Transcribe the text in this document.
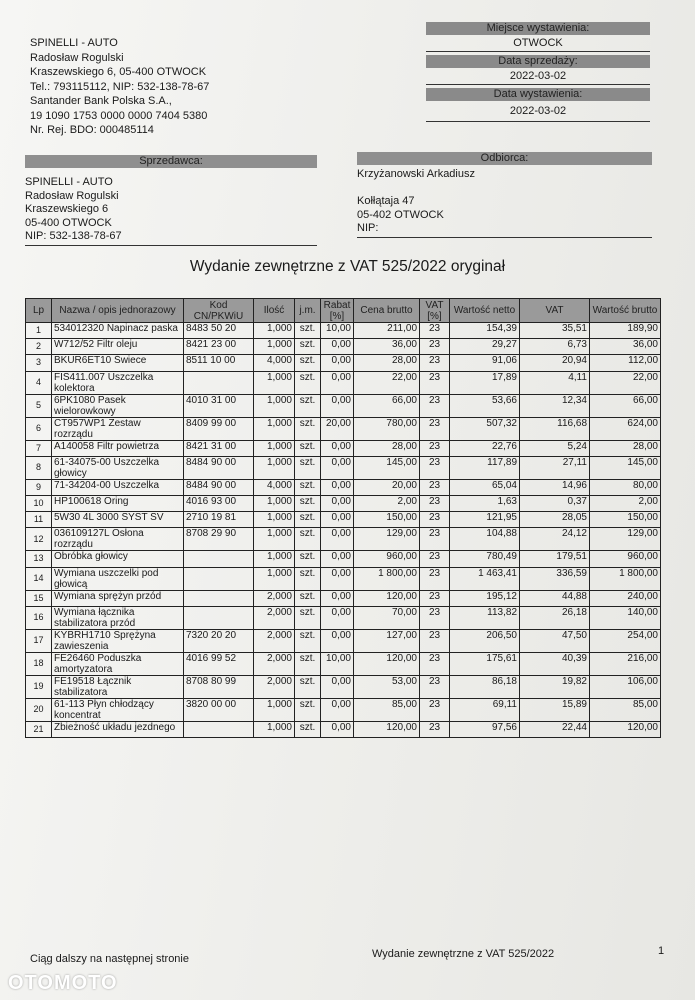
SPINELLI - AUTO
Radosław Rogulski
Kraszewskiego 6, 05-400 OTWOCK
Tel.: 793115112, NIP: 532-138-78-67
Santander Bank Polska S.A.,
19 1090 1753 0000 0000 7404 5380
Nr. Rej. BDO: 000485114
Miejsce wystawienia:
OTWOCK
Data sprzedaży:
2022-03-02
Data wystawienia:
2022-03-02
Sprzedawca:
SPINELLI - AUTO
Radosław Rogulski
Kraszewskiego 6
05-400 OTWOCK
NIP: 532-138-78-67
Odbiorca:
Krzyżanowski Arkadiusz
Kołłątaja 47
05-402 OTWOCK
NIP:
Wydanie zewnętrzne z VAT 525/2022 oryginał
Lp	Nazwa / opis jednorazowy	Kod CN/PKWiU	Ilość	j.m.	Rabat [%]	Cena brutto	VAT [%]	Wartość netto	VAT	Wartość brutto
1	534012320 Napinacz paska	8483 50 20	1,000	szt.	10,00	211,00	23	154,39	35,51	189,90
2	W712/52 Filtr oleju	8421 23 00	1,000	szt.	0,00	36,00	23	29,27	6,73	36,00
3	BKUR6ET10 Świece	8511 10 00	4,000	szt.	0,00	28,00	23	91,06	20,94	112,00
4	FIS411.007 Uszczelka kolektora		1,000	szt.	0,00	22,00	23	17,89	4,11	22,00
5	6PK1080 Pasek wielorowkowy	4010 31 00	1,000	szt.	0,00	66,00	23	53,66	12,34	66,00
6	CT957WP1 Zestaw rozrządu	8409 99 00	1,000	szt.	20,00	780,00	23	507,32	116,68	624,00
7	A140058 Filtr powietrza	8421 31 00	1,000	szt.	0,00	28,00	23	22,76	5,24	28,00
8	61-34075-00 Uszczelka głowicy	8484 90 00	1,000	szt.	0,00	145,00	23	117,89	27,11	145,00
9	71-34204-00 Uszczelka	8484 90 00	4,000	szt.	0,00	20,00	23	65,04	14,96	80,00
10	HP100618 Oring	4016 93 00	1,000	szt.	0,00	2,00	23	1,63	0,37	2,00
11	5W30 4L 3000 SYST SV	2710 19 81	1,000	szt.	0,00	150,00	23	121,95	28,05	150,00
12	036109127L Osłona rozrządu	8708 29 90	1,000	szt.	0,00	129,00	23	104,88	24,12	129,00
13	Obróbka głowicy		1,000	szt.	0,00	960,00	23	780,49	179,51	960,00
14	Wymiana uszczelki pod głowicą		1,000	szt.	0,00	1 800,00	23	1 463,41	336,59	1 800,00
15	Wymiana sprężyn przód		2,000	szt.	0,00	120,00	23	195,12	44,88	240,00
16	Wymiana łącznika stabilizatora przód		2,000	szt.	0,00	70,00	23	113,82	26,18	140,00
17	KYBRH1710 Sprężyna zawieszenia	7320 20 20	2,000	szt.	0,00	127,00	23	206,50	47,50	254,00
18	FE26460 Poduszka amortyzatora	4016 99 52	2,000	szt.	10,00	120,00	23	175,61	40,39	216,00
19	FE19518 Łącznik stabilizatora	8708 80 99	2,000	szt.	0,00	53,00	23	86,18	19,82	106,00
20	61-113 Płyn chłodzący koncentrat	3820 00 00	1,000	szt.	0,00	85,00	23	69,11	15,89	85,00
21	Zbieżność układu jezdnego		1,000	szt.	0,00	120,00	23	97,56	22,44	120,00
Ciąg dalszy na następnej stronie	Wydanie zewnętrzne z VAT 525/2022	1
OTOMOTO
